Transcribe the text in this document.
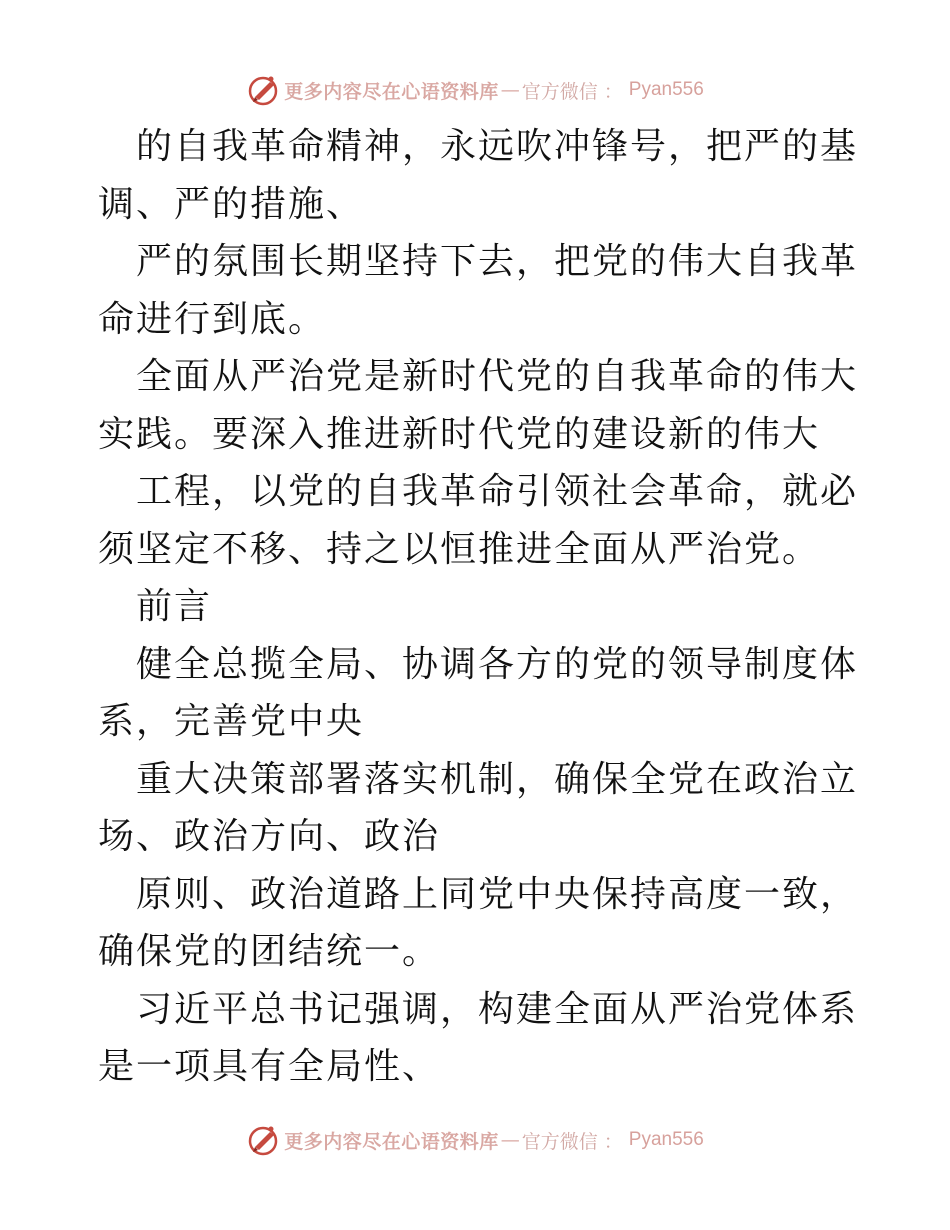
更多内容尽在心语资料库 — 官方微信 ： Pyan556

的自我革命精神，永远吹冲锋号，把严的基调、严的措施、

严的氛围长期坚持下去，把党的伟大自我革命进行到底。

全面从严治党是新时代党的自我革命的伟大实践。要深入推进新时代党的建设新的伟大

工程，以党的自我革命引领社会革命，就必须坚定不移、持之以恒推进全面从严治党。

前言

健全总揽全局、协调各方的党的领导制度体系，完善党中央

重大决策部署落实机制，确保全党在政治立场、政治方向、政治

原则、政治道路上同党中央保持高度一致，确保党的团结统一。

习近平总书记强调，构建全面从严治党体系是一项具有全局性、

更多内容尽在心语资料库 — 官方微信 ： Pyan556
